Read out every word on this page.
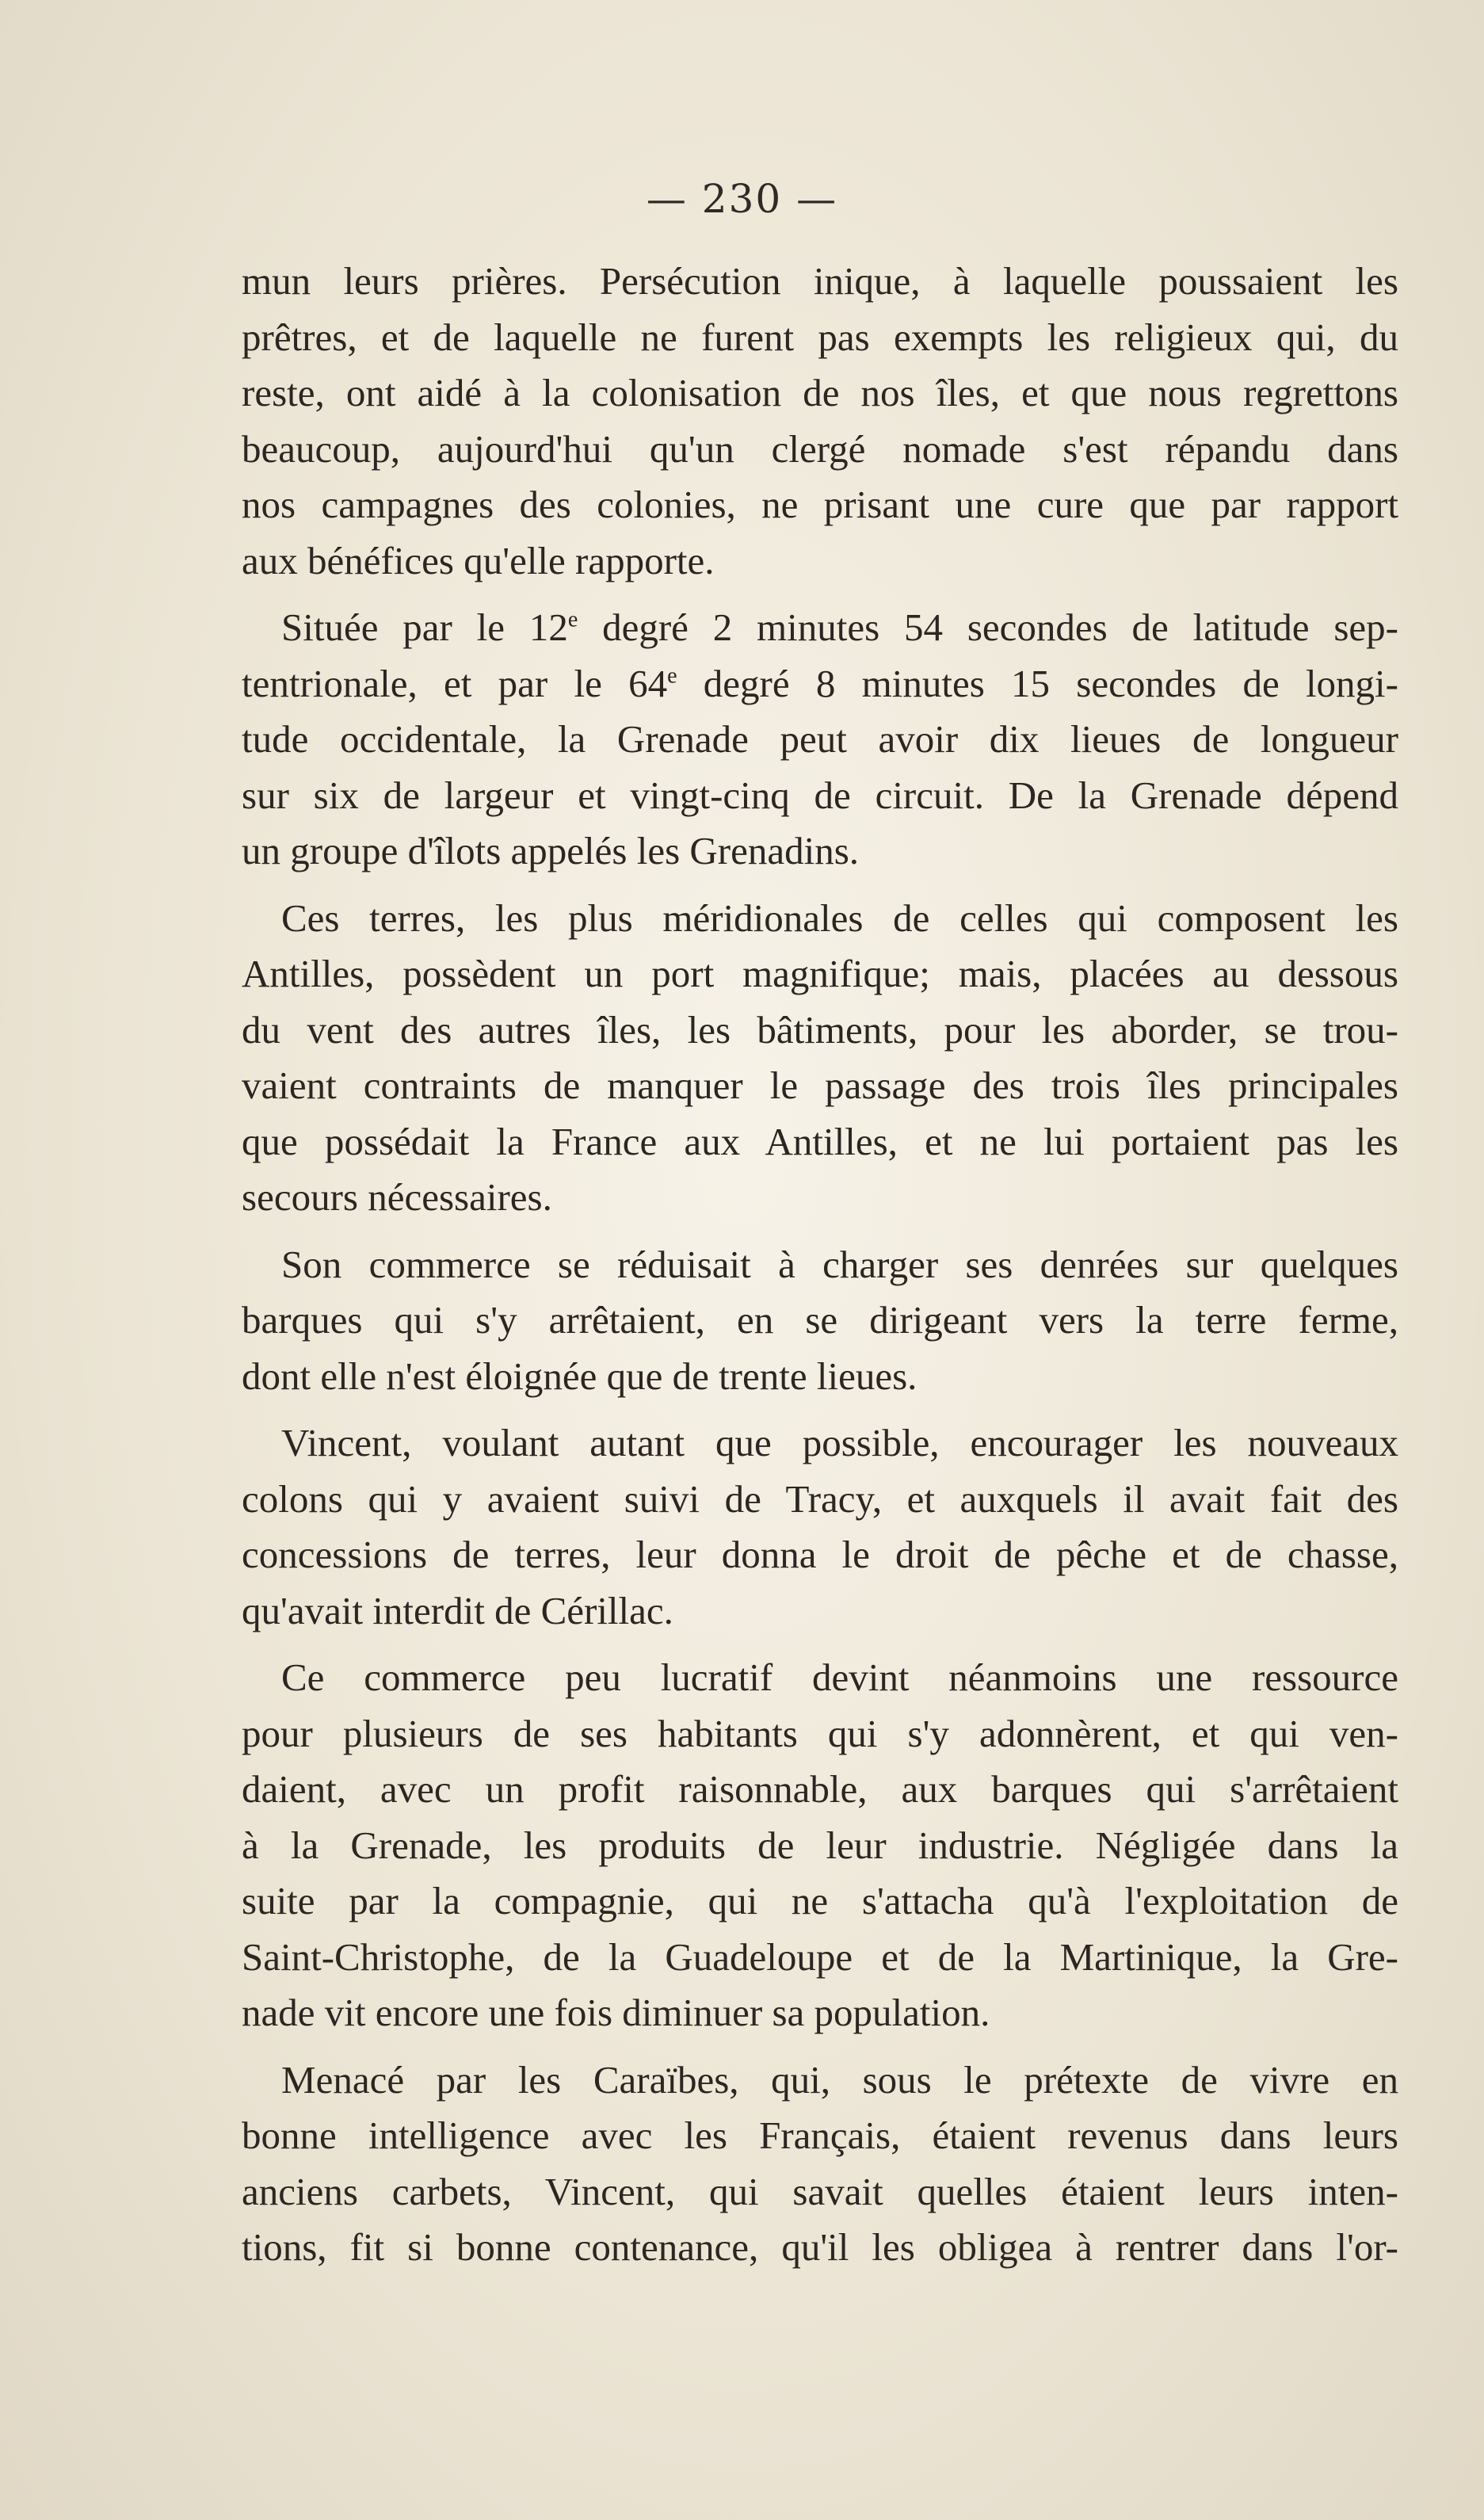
— 230 —
mun leurs prières. Persécution inique, à laquelle poussaient les
prêtres, et de laquelle ne furent pas exempts les religieux qui, du
reste, ont aidé à la colonisation de nos îles, et que nous regrettons
beaucoup, aujourd'hui qu'un clergé nomade s'est répandu dans
nos campagnes des colonies, ne prisant une cure que par rapport
aux bénéfices qu'elle rapporte.
Située par le 12e degré 2 minutes 54 secondes de latitude sep-
tentrionale, et par le 64e degré 8 minutes 15 secondes de longi-
tude occidentale, la Grenade peut avoir dix lieues de longueur
sur six de largeur et vingt-cinq de circuit. De la Grenade dépend
un groupe d'îlots appelés les Grenadins.
Ces terres, les plus méridionales de celles qui composent les
Antilles, possèdent un port magnifique; mais, placées au dessous
du vent des autres îles, les bâtiments, pour les aborder, se trou-
vaient contraints de manquer le passage des trois îles principales
que possédait la France aux Antilles, et ne lui portaient pas les
secours nécessaires.
Son commerce se réduisait à charger ses denrées sur quelques
barques qui s'y arrêtaient, en se dirigeant vers la terre ferme,
dont elle n'est éloignée que de trente lieues.
Vincent, voulant autant que possible, encourager les nouveaux
colons qui y avaient suivi de Tracy, et auxquels il avait fait des
concessions de terres, leur donna le droit de pêche et de chasse,
qu'avait interdit de Cérillac.
Ce commerce peu lucratif devint néanmoins une ressource
pour plusieurs de ses habitants qui s'y adonnèrent, et qui ven-
daient, avec un profit raisonnable, aux barques qui s'arrêtaient
à la Grenade, les produits de leur industrie. Négligée dans la
suite par la compagnie, qui ne s'attacha qu'à l'exploitation de
Saint-Christophe, de la Guadeloupe et de la Martinique, la Gre-
nade vit encore une fois diminuer sa population.
Menacé par les Caraïbes, qui, sous le prétexte de vivre en
bonne intelligence avec les Français, étaient revenus dans leurs
anciens carbets, Vincent, qui savait quelles étaient leurs inten-
tions, fit si bonne contenance, qu'il les obligea à rentrer dans l'or-
